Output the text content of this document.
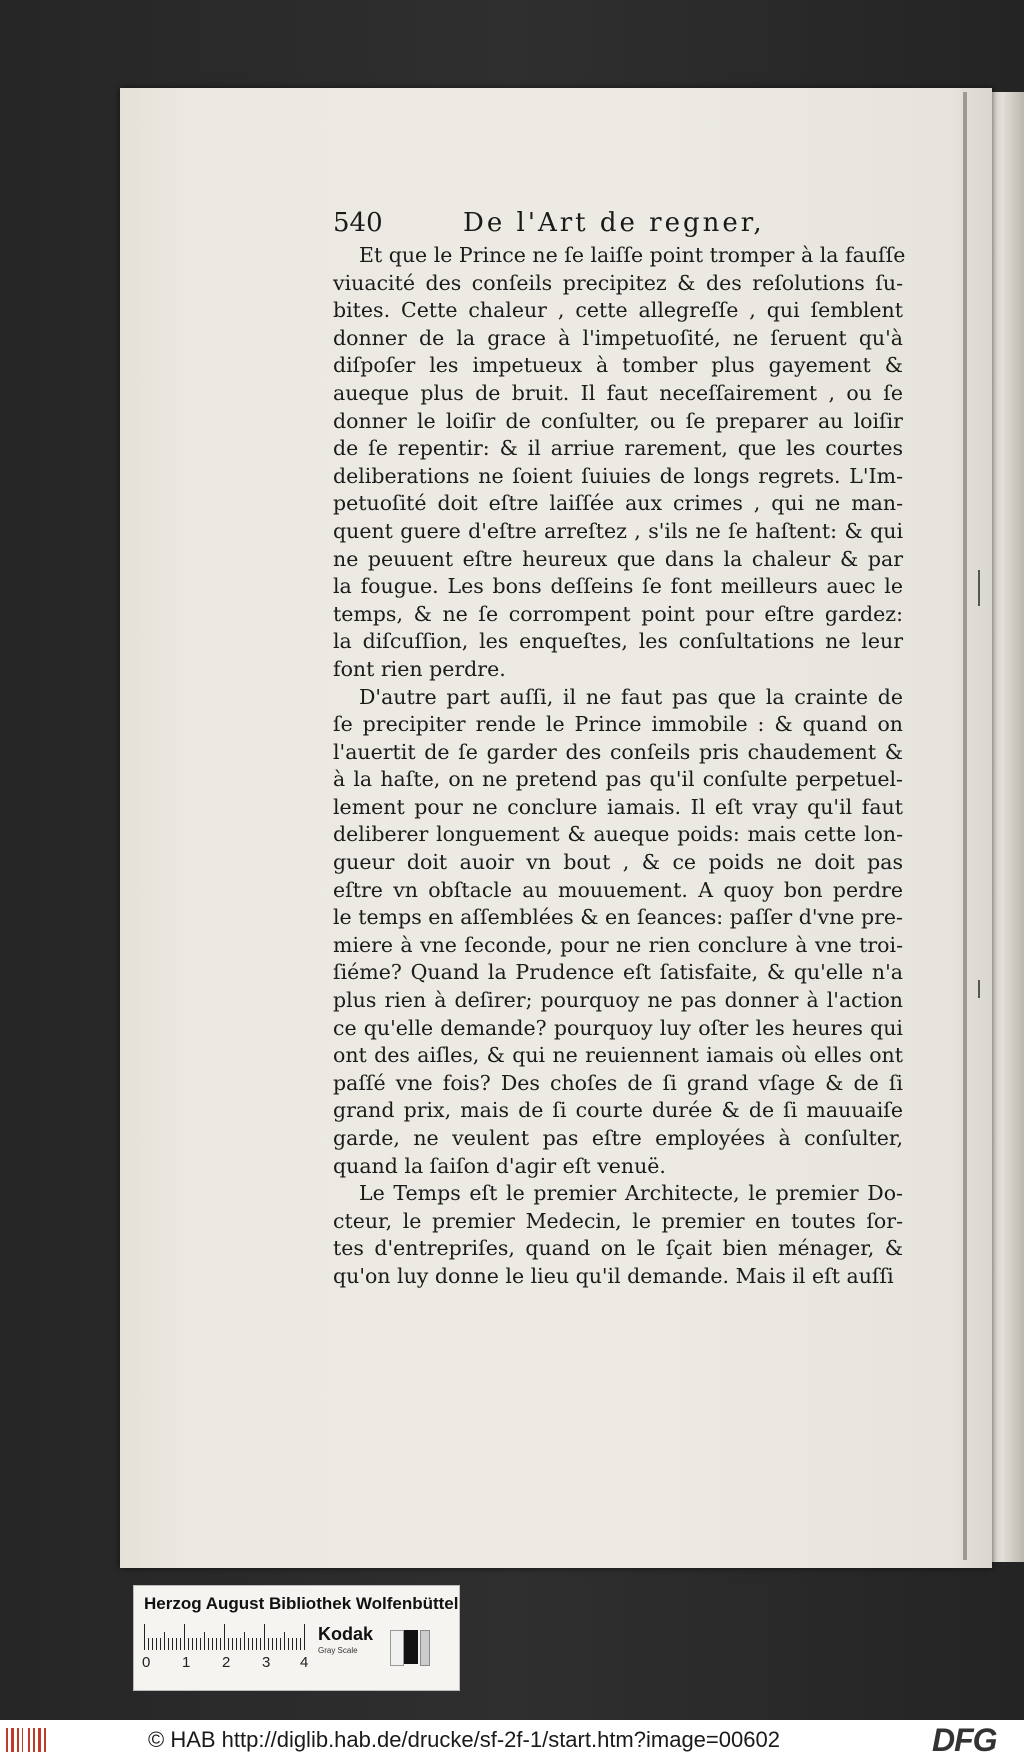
540	De l'Art de regner,
Et que le Prince ne ſe laiſſe point tromper à la fauſſe
viuacité des conſeils precipitez & des reſolutions ſu-
bites. Cette chaleur , cette allegreſſe , qui ſemblent
donner de la grace à l'impetuoſité, ne ſeruent qu'à
diſpoſer les impetueux à tomber plus gayement &
aueque plus de bruit. Il faut neceſſairement , ou ſe
donner le loiſir de conſulter, ou ſe preparer au loiſir
de ſe repentir: & il arriue rarement, que les courtes
deliberations ne ſoient ſuiuies de longs regrets. L'Im-
petuoſité doit eſtre laiſſée aux crimes , qui ne man-
quent guere d'eſtre arreſtez , s'ils ne ſe haſtent: & qui
ne peuuent eſtre heureux que dans la chaleur & par
la fougue. Les bons deſſeins ſe font meilleurs auec le
temps, & ne ſe corrompent point pour eſtre gardez:
la diſcuſſion, les enqueſtes, les conſultations ne leur
font rien perdre.
D'autre part auſſi, il ne faut pas que la crainte de
ſe precipiter rende le Prince immobile : & quand on
l'auertit de ſe garder des conſeils pris chaudement &
à la haſte, on ne pretend pas qu'il conſulte perpetuel-
lement pour ne conclure iamais. Il eſt vray qu'il faut
deliberer longuement & aueque poids: mais cette lon-
gueur doit auoir vn bout , & ce poids ne doit pas
eſtre vn obſtacle au mouuement. A quoy bon perdre
le temps en aſſemblées & en ſeances: paſſer d'vne pre-
miere à vne ſeconde, pour ne rien conclure à vne troi-
ſiéme? Quand la Prudence eſt ſatisfaite, & qu'elle n'a
plus rien à deſirer; pourquoy ne pas donner à l'action
ce qu'elle demande? pourquoy luy oſter les heures qui
ont des aiſles, & qui ne reuiennent iamais où elles ont
paſſé vne fois? Des choſes de ſi grand vſage & de ſi
grand prix, mais de ſi courte durée & de ſi mauuaiſe
garde, ne veulent pas eſtre employées à conſulter,
quand la ſaiſon d'agir eſt venuë.
Le Temps eſt le premier Architecte, le premier Do-
cteur, le premier Medecin, le premier en toutes ſor-
tes d'entrepriſes, quand on le ſçait bien ménager, &
qu'on luy donne le lieu qu'il demande. Mais il eſt auſſi
Herzog August Bibliothek Wolfenbüttel
0 1 2 3 4
Kodak
Gray Scale
© HAB http://diglib.hab.de/drucke/sf-2f-1/start.htm?image=00602	DFG
